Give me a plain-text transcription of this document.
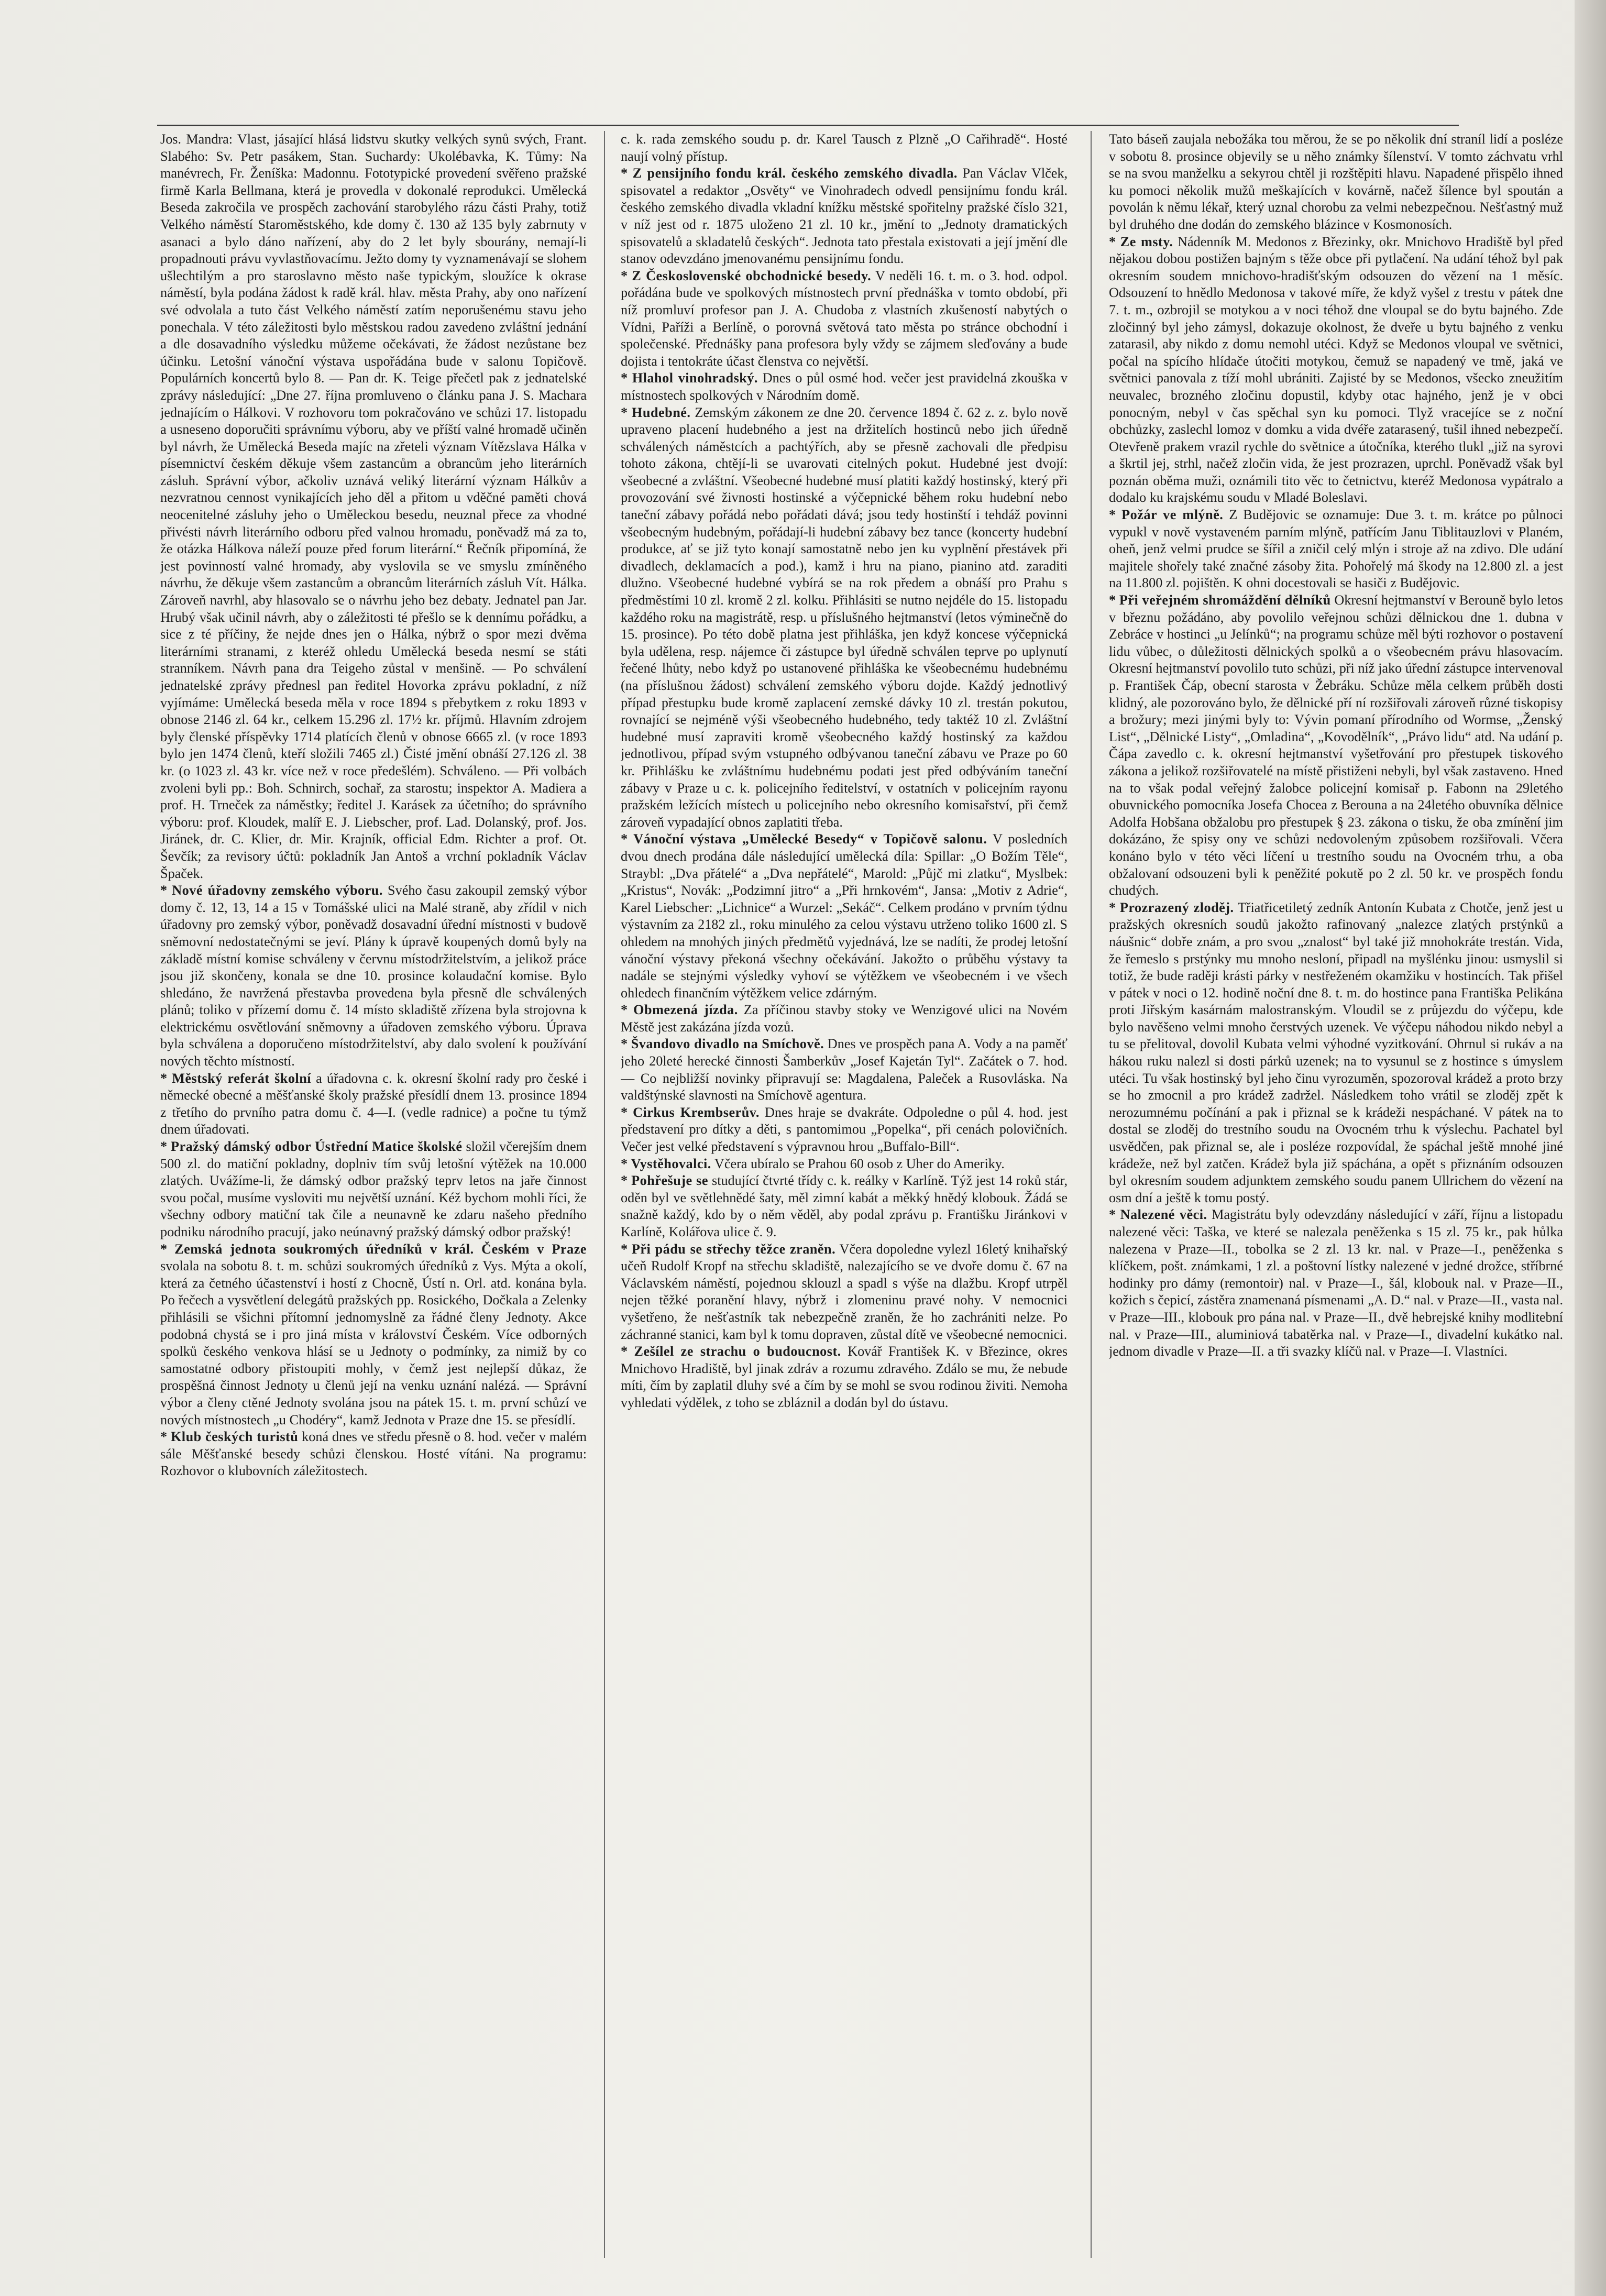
Jos. Mandra: Vlast, jásající hlásá lidstvu skutky velkých synů svých, Frant. Slabého: Sv. Petr pasákem, Stan. Suchardy: Ukolébavka, K. Tůmy: Na manévrech, Fr. Ženíška: Madonnu. Fototypické provedení svěřeno pražské firmě Karla Bellmana, která je provedla v dokonalé reprodukci. Umělecká Beseda zakročila ve prospěch zachování starobylého rázu části Prahy, totiž Velkého náměstí Staroměstského, kde domy č. 130 až 135 byly zabrnuty v asanaci a bylo dáno nařízení, aby do 2 let byly sbourány, nemají-li propadnouti právu vyvlastňovacímu. Ježto domy ty vyznamenávají se slohem ušlechtilým a pro staroslavno město naše typickým, sloužíce k okrase náměstí, byla podána žádost k radě král. hlav. města Prahy, aby ono nařízení své odvolala a tuto část Velkého náměstí zatím neporušenému stavu jeho ponechala. V této záležitosti bylo městskou radou zavedeno zvláštní jednání a dle dosavadního výsledku můžeme očekávati, že žádost nezůstane bez účinku. Letošní vánoční výstava uspořádána bude v salonu Topičově. Populárních koncertů bylo 8. — Pan dr. K. Teige přečetl pak z jednatelské zprávy následující: „Dne 27. října promluveno o článku pana J. S. Machara jednajícím o Hálkovi. V rozhovoru tom pokračováno ve schůzi 17. listopadu a usneseno doporučiti správnímu výboru, aby ve příští valné hromadě učiněn byl návrh, že Umělecká Beseda majíc na zřeteli význam Vítězslava Hálka v písemnictví českém děkuje všem zastancům a obrancům jeho literárních zásluh. Správní výbor, ačkoliv uznává veliký literární význam Hálkův a nezvratnou cennost vynikajících jeho děl a přitom u vděčné paměti chová neocenitelné zásluhy jeho o Uměleckou besedu, neuznal přece za vhodné přivésti návrh literárního odboru před valnou hromadu, poněvadž má za to, že otázka Hálkova náleží pouze před forum literární.“ Řečník připomíná, že jest povinností valné hromady, aby vyslovila se ve smyslu zmíněného návrhu, že děkuje všem zastancům a obrancům literárních zásluh Vít. Hálka. Zároveň navrhl, aby hlasovalo se o návrhu jeho bez debaty. Jednatel pan Jar. Hrubý však učinil návrh, aby o záležitosti té přešlo se k dennímu pořádku, a sice z té příčiny, že nejde dnes jen o Hálka, nýbrž o spor mezi dvěma literárními stranami, z kteréž ohledu Umělecká beseda nesmí se státi stranníkem. Návrh pana dra Teigeho zůstal v menšině. — Po schválení jednatelské zprávy přednesl pan ředitel Hovorka zprávu pokladní, z níž vyjímáme: Umělecká beseda měla v roce 1894 s přebytkem z roku 1893 v obnose 2146 zl. 64 kr., celkem 15.296 zl. 17½ kr. příjmů. Hlavním zdrojem byly členské příspěvky 1714 platících členů v obnose 6665 zl. (v roce 1893 bylo jen 1474 členů, kteří složili 7465 zl.) Čisté jmění obnáší 27.126 zl. 38 kr. (o 1023 zl. 43 kr. více než v roce předešlém). Schváleno. — Při volbách zvoleni byli pp.: Boh. Schnirch, sochař, za starostu; inspektor A. Madiera a prof. H. Trneček za náměstky; ředitel J. Karásek za účetního; do správního výboru: prof. Kloudek, malíř E. J. Liebscher, prof. Lad. Dolanský, prof. Jos. Jiránek, dr. C. Klier, dr. Mir. Krajník, official Edm. Richter a prof. Ot. Ševčík; za revisory účtů: pokladník Jan Antoš a vrchní pokladník Václav Špaček.

* Nové úřadovny zemského výboru. Svého času zakoupil zemský výbor domy č. 12, 13, 14 a 15 v Tomášské ulici na Malé straně, aby zřídil v nich úřadovny pro zemský výbor, poněvadž dosavadní úřední místnosti v budově sněmovní nedostatečnými se jeví. Plány k úpravě koupených domů byly na základě místní komise schváleny v červnu místodržitelstvím, a jelikož práce jsou již skončeny, konala se dne 10. prosince kolaudační komise. Bylo shledáno, že navržená přestavba provedena byla přesně dle schválených plánů; toliko v přízemí domu č. 14 místo skladiště zřízena byla strojovna k elektrickému osvětlování sněmovny a úřadoven zemského výboru. Úprava byla schválena a doporučeno místodržitelství, aby dalo svolení k používání nových těchto místností.

* Městský referát školní a úřadovna c. k. okresní školní rady pro české i německé obecné a měšťanské školy pražské přesídlí dnem 13. prosince 1894 z třetího do prvního patra domu č. 4—I. (vedle radnice) a počne tu týmž dnem úřadovati.

* Pražský dámský odbor Ústřední Matice školské složil včerejším dnem 500 zl. do matiční pokladny, doplniv tím svůj letošní výtěžek na 10.000 zlatých. Uvážíme-li, že dámský odbor pražský teprv letos na jaře činnost svou počal, musíme vysloviti mu největší uznání. Kéž bychom mohli říci, že všechny odbory matiční tak čile a neunavně ke zdaru našeho předního podniku národního pracují, jako neúnavný pražský dámský odbor pražský!

* Zemská jednota soukromých úředníků v král. Českém v Praze svolala na sobotu 8. t. m. schůzi soukromých úředníků z Vys. Mýta a okolí, která za četného účastenství i hostí z Chocně, Ústí n. Orl. atd. konána byla. Po řečech a vysvětlení delegátů pražských pp. Rosického, Dočkala a Zelenky přihlásili se všichni přítomní jednomyslně za řádné členy Jednoty. Akce podobná chystá se i pro jiná místa v království Českém. Více odborných spolků českého venkova hlásí se u Jednoty o podmínky, za nimiž by co samostatné odbory přistoupiti mohly, v čemž jest nejlepší důkaz, že prospěšná činnost Jednoty u členů její na venku uznání nalézá. — Správní výbor a členy ctěné Jednoty svolána jsou na pátek 15. t. m. první schůzí ve nových místnostech „u Chodéry“, kamž Jednota v Praze dne 15. se přesídlí.

* Klub českých turistů koná dnes ve středu přesně o 8. hod. večer v malém sále Měšťanské besedy schůzi členskou. Hosté vítáni. Na programu: Rozhovor o klubovních záležitostech.

c. k. rada zemského soudu p. dr. Karel Tausch z Plzně „O Cařihradě“. Hosté naují volný přístup.

* Z pensijního fondu král. českého zemského divadla. Pan Václav Vlček, spisovatel a redaktor „Osvěty“ ve Vinohradech odvedl pensijnímu fondu král. českého zemského divadla vkladní knížku městské spořitelny pražské číslo 321, v níž jest od r. 1875 uloženo 21 zl. 10 kr., jmění to „Jednoty dramatických spisovatelů a skladatelů českých“. Jednota tato přestala existovati a její jmění dle stanov odevzdáno jmenovanému pensijnímu fondu.

* Z Československé obchodnické besedy. V neděli 16. t. m. o 3. hod. odpol. pořádána bude ve spolkových místnostech první přednáška v tomto období, při níž promluví profesor pan J. A. Chudoba z vlastních zkušeností nabytých o Vídni, Paříži a Berlíně, o porovná světová tato města po stránce obchodní i společenské. Přednášky pana profesora byly vždy se zájmem sleďovány a bude dojista i tentokráte účast členstva co největší.

* Hlahol vinohradský. Dnes o půl osmé hod. večer jest pravidelná zkouška v místnostech spolkových v Národním domě.

* Hudebné. Zemským zákonem ze dne 20. července 1894 č. 62 z. z. bylo nově upraveno placení hudebného a jest na držitelích hostinců nebo jich úředně schválených náměstcích a pachtýřích, aby se přesně zachovali dle předpisu tohoto zákona, chtějí-li se uvarovati citelných pokut. Hudebné jest dvojí: všeobecné a zvláštní. Všeobecné hudebné musí platiti každý hostinský, který při provozování své živnosti hostinské a výčepnické během roku hudební nebo taneční zábavy pořádá nebo pořádati dává; jsou tedy hostinští i tehdáž povinni všeobecným hudebným, pořádají-li hudební zábavy bez tance (koncerty hudební produkce, ať se již tyto konají samostatně nebo jen ku vyplnění přestávek při divadlech, deklamacích a pod.), kamž i hru na piano, pianino atd. zaraditi dlužno. Všeobecné hudebné vybírá se na rok předem a obnáší pro Prahu s předměstími 10 zl. kromě 2 zl. kolku. Přihlásiti se nutno nejdéle do 15. listopadu každého roku na magistrátě, resp. u příslušného hejtmanství (letos výminečně do 15. prosince). Po této době platna jest přihláška, jen když koncese výčepnická byla udělena, resp. nájemce či zástupce byl úředně schválen teprve po uplynutí řečené lhůty, nebo když po ustanovené přihláška ke všeobecnému hudebnému (na příslušnou žádost) schválení zemského výboru dojde. Každý jednotlivý případ přestupku bude kromě zaplacení zemské dávky 10 zl. trestán pokutou, rovnající se nejméně výši všeobecného hudebného, tedy taktéž 10 zl. Zvláštní hudebné musí zapraviti kromě všeobecného každý hostinský za každou jednotlivou, případ svým vstupného odbývanou taneční zábavu ve Praze po 60 kr. Přihlášku ke zvláštnímu hudebnému podati jest před odbýváním taneční zábavy v Praze u c. k. policejního ředitelství, v ostatních v policejním rayonu pražském ležících místech u policejního nebo okresního komisařství, při čemž zároveň vypadající obnos zaplatiti třeba.

* Vánoční výstava „Umělecké Besedy“ v Topičově salonu. V posledních dvou dnech prodána dále následující umělecká díla: Spillar: „O Božím Těle“, Straybl: „Dva přátelé“ a „Dva nepřátelé“, Marold: „Půjč mi zlatku“, Myslbek: „Kristus“, Novák: „Podzimní jitro“ a „Při hrnkovém“, Jansa: „Motiv z Adrie“, Karel Liebscher: „Lichnice“ a Wurzel: „Sekáč“. Celkem prodáno v prvním týdnu výstavním za 2182 zl., roku minulého za celou výstavu utrženo toliko 1600 zl. S ohledem na mnohých jiných předmětů vyjednává, lze se nadíti, že prodej letošní vánoční výstavy překoná všechny očekávání. Jakožto o průběhu výstavy ta nadále se stejnými výsledky vyhoví se výtěžkem ve všeobecném i ve všech ohledech finančním výtěžkem velice zdárným.

* Obmezená jízda. Za příčinou stavby stoky ve Wenzigové ulici na Novém Městě jest zakázána jízda vozů.

* Švandovo divadlo na Smíchově. Dnes ve prospěch pana A. Vody a na paměť jeho 20leté herecké činnosti Šamberkův „Josef Kajetán Tyl“. Začátek o 7. hod. — Co nejbližší novinky připravují se: Magdalena, Paleček a Rusovláska. Na valdštýnské slavnosti na Smíchově agentura.

* Cirkus Krembserův. Dnes hraje se dvakráte. Odpoledne o půl 4. hod. jest představení pro dítky a děti, s pantomimou „Popelka“, při cenách polovičních. Večer jest velké představení s výpravnou hrou „Buffalo-Bill“.

* Vystěhovalci. Včera ubíralo se Prahou 60 osob z Uher do Ameriky.

* Pohřešuje se studující čtvrté třídy c. k. reálky v Karlíně. Týž jest 14 roků stár, oděn byl ve světlehnědé šaty, měl zimní kabát a měkký hnědý klobouk. Žádá se snažně každý, kdo by o něm věděl, aby podal zprávu p. Františku Jiránkovi v Karlíně, Kolářova ulice č. 9.

* Při pádu se střechy těžce zraněn. Včera dopoledne vylezl 16letý knihařský učeň Rudolf Kropf na střechu skladiště, nalezajícího se ve dvoře domu č. 67 na Václavském náměstí, pojednou sklouzl a spadl s výše na dlažbu. Kropf utrpěl nejen těžké poranění hlavy, nýbrž i zlomeninu pravé nohy. V nemocnici vyšetřeno, že nešťastník tak nebezpečně zraněn, že ho zachrániti nelze. Po záchranné stanici, kam byl k tomu dopraven, zůstal dítě ve všeobecné nemocnici.

* Zešílel ze strachu o budoucnost. Kovář František K. v Březince, okres Mnichovo Hradiště, byl jinak zdráv a rozumu zdravého. Zdálo se mu, že nebude míti, čím by zaplatil dluhy své a čím by se mohl se svou rodinou živiti. Nemoha vyhledati výdělek, z toho se zbláznil a dodán byl do ústavu.

Tato báseň zaujala nebožáka tou měrou, že se po několik dní straníl lidí a posléze v sobotu 8. prosince objevily se u něho známky šílenství. V tomto záchvatu vrhl se na svou manželku a sekyrou chtěl ji rozštěpiti hlavu. Napadené přispělo ihned ku pomoci několik mužů meškajících v kovárně, načež šílence byl spoután a povolán k němu lékař, který uznal chorobu za velmi nebezpečnou. Nešťastný muž byl druhého dne dodán do zemského blázince v Kosmonosích.

* Ze msty. Nádenník M. Medonos z Březinky, okr. Mnichovo Hradiště byl před nějakou dobou postižen bajným s těže obce při pytlačení. Na udání téhož byl pak okresním soudem mnichovo-hradišťským odsouzen do vězení na 1 měsíc. Odsouzení to hnědlo Medonosa v takové míře, že když vyšel z trestu v pátek dne 7. t. m., ozbrojil se motykou a v noci téhož dne vloupal se do bytu bajného. Zde zločinný byl jeho zámysl, dokazuje okolnost, že dveře u bytu bajného z venku zatarasil, aby nikdo z domu nemohl utéci. Když se Medonos vloupal ve světnici, počal na spícího hlídače útočiti motykou, čemuž se napadený ve tmě, jaká ve světnici panovala z tíží mohl ubrániti. Zajisté by se Medonos, všecko zneužitím neuvalec, brozného zločinu dopustil, kdyby otac hajného, jenž je v obci ponocným, nebyl v čas spěchal syn ku pomoci. Tlyž vracejíce se z noční obchůzky, zaslechl lomoz v domku a vida dvéře zatarasený, tušil ihned nebezpečí. Otevřeně prakem vrazil rychle do světnice a útočníka, kterého tlukl „již na syrovi a škrtil jej, strhl, načež zločin vida, že jest prozrazen, uprchl. Poněvadž však byl poznán oběma muži, oznámili tito věc to četnictvu, kteréž Medonosa vypátralo a dodalo ku krajskému soudu v Mladé Boleslavi.

* Požár ve mlýně. Z Budějovic se oznamuje: Due 3. t. m. krátce po půlnoci vypukl v nově vystaveném parním mlýně, patřícím Janu Tiblitauzlovi v Planém, oheň, jenž velmi prudce se šířil a zničil celý mlýn i stroje až na zdivo. Dle udání majitele shořely také značné zásoby žita. Pohořelý má škody na 12.800 zl. a jest na 11.800 zl. pojištěn. K ohni docestovali se hasiči z Budějovic.

* Při veřejném shromáždění dělníků Okresní hejtmanství v Berouně bylo letos v březnu požádáno, aby povolilo veřejnou schůzi dělnickou dne 1. dubna v Zebráce v hostinci „u Jelínků“; na programu schůze měl býti rozhovor o postavení lidu vůbec, o důležitosti dělnických spolků a o všeobecném právu hlasovacím. Okresní hejtmanství povolilo tuto schůzi, při níž jako úřední zástupce intervenoval p. František Čáp, obecní starosta v Žebráku. Schůze měla celkem průběh dosti klidný, ale pozorováno bylo, že dělnické pří ní rozšiřovali zároveň různé tiskopisy a brožury; mezi jinými byly to: Vývin pomaní přírodního od Wormse, „Ženský List“, „Dělnické Listy“, „Omladina“, „Kovodělník“, „Právo lidu“ atd. Na udání p. Čápa zavedlo c. k. okresní hejtmanství vyšetřování pro přestupek tiskového zákona a jelikož rozšiřovatelé na místě přistiženi nebyli, byl však zastaveno. Hned na to však podal veřejný žalobce policejní komisař p. Fabonn na 29letého obuvnického pomocníka Josefa Chocea z Berouna a na 24letého obuvníka dělnice Adolfa Hobšana obžalobu pro přestupek § 23. zákona o tisku, že oba zmínění jim dokázáno, že spisy ony ve schůzi nedovoleným způsobem rozšiřovali. Včera konáno bylo v této věci líčení u trestního soudu na Ovocném trhu, a oba obžalovaní odsouzeni byli k peněžité pokutě po 2 zl. 50 kr. ve prospěch fondu chudých.

* Prozrazený zloděj. Třiatřicetiletý zedník Antonín Kubata z Chotče, jenž jest u pražských okresních soudů jakožto rafinovaný „nalezce zlatých prstýnků a náušnic“ dobře znám, a pro svou „znalost“ byl také již mnohokráte trestán. Vida, že řemeslo s prstýnky mu mnoho nesloní, připadl na myšlénku jinou: usmyslil si totiž, že bude raději krásti párky v nestřeženém okamžiku v hostincích. Tak přišel v pátek v noci o 12. hodině noční dne 8. t. m. do hostince pana Františka Pelikána proti Jiřským kasárnám malostranským. Vloudil se z průjezdu do výčepu, kde bylo navěšeno velmi mnoho čerstvých uzenek. Ve výčepu náhodou nikdo nebyl a tu se přelitoval, dovolil Kubata velmi výhodné vyzitkování. Ohrnul si rukáv a na hákou ruku nalezl si dosti párků uzenek; na to vysunul se z hostince s úmyslem utéci. Tu však hostinský byl jeho činu vyrozuměn, spozoroval krádež a proto brzy se ho zmocnil a pro krádež zadržel. Následkem toho vrátil se zloděj zpět k nerozumnému počínání a pak i přiznal se k krádeži nespáchané. V pátek na to dostal se zloděj do trestního soudu na Ovocném trhu k výslechu. Pachatel byl usvědčen, pak přiznal se, ale i posléze rozpovídal, že spáchal ještě mnohé jiné krádeže, než byl zatčen. Krádež byla již spáchána, a opět s přiznáním odsouzen byl okresním soudem adjunktem zemského soudu panem Ullrichem do vězení na osm dní a ještě k tomu postý.

* Nalezené věci. Magistrátu byly odevzdány následující v září, říjnu a listopadu nalezené věci: Taška, ve které se nalezala peněženka s 15 zl. 75 kr., pak hůlka nalezena v Praze—II., tobolka se 2 zl. 13 kr. nal. v Praze—I., peněženka s klíčkem, pošt. známkami, 1 zl. a poštovní lístky nalezené v jedné drožce, stříbrné hodinky pro dámy (remontoir) nal. v Praze—I., šál, klobouk nal. v Praze—II., kožich s čepicí, zástěra znamenaná písmenami „A. D.“ nal. v Praze—II., vasta nal. v Praze—III., klobouk pro pána nal. v Praze—II., dvě hebrejské knihy modlitební nal. v Praze—III., aluminiová tabatěrka nal. v Praze—I., divadelní kukátko nal. jednom divadle v Praze—II. a tři svazky klíčů nal. v Praze—I. Vlastníci.
